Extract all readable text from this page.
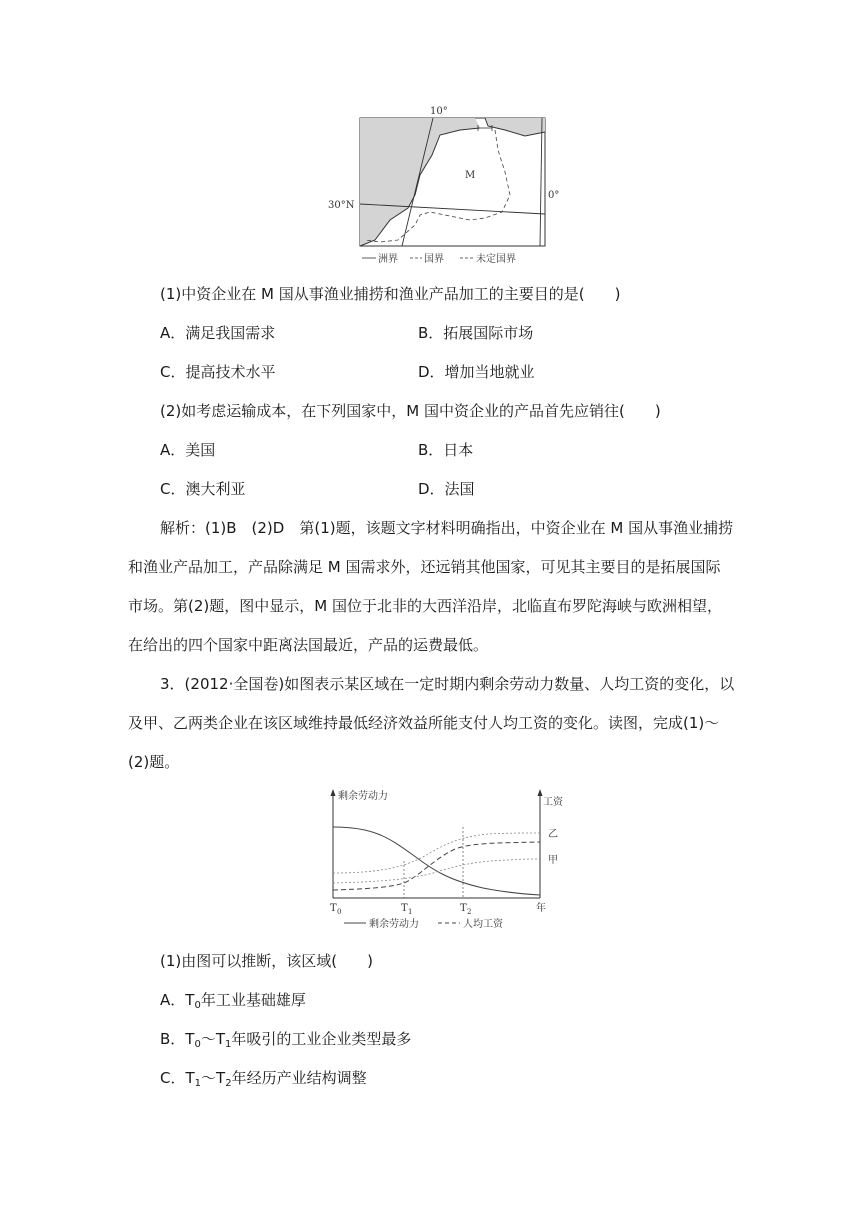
10°
30°N
0°
M
洲界	国界	未定国界
(1)中资企业在 M 国从事渔业捕捞和渔业产品加工的主要目的是(　　)
A．满足我国需求	B．拓展国际市场
C．提高技术水平	D．增加当地就业
(2)如考虑运输成本，在下列国家中，M 国中资企业的产品首先应销往(　　)
A．美国	B．日本
C．澳大利亚	D．法国
解析：(1)B　(2)D　第(1)题，该题文字材料明确指出，中资企业在 M 国从事渔业捕捞
和渔业产品加工，产品除满足 M 国需求外，还远销其他国家，可见其主要目的是拓展国际
市场。第(2)题，图中显示，M 国位于北非的大西洋沿岸，北临直布罗陀海峡与欧洲相望，
在给出的四个国家中距离法国最近，产品的运费最低。
3．(2012·全国卷)如图表示某区域在一定时期内剩余劳动力数量、人均工资的变化，以
及甲、乙两类企业在该区域维持最低经济效益所能支付人均工资的变化。读图，完成(1)～
(2)题。
剩余劳动力
工资
年
乙
甲
T 0	T 1	T 2
剩余劳动力	人均工资
(1)由图可以推断，该区域(　　)
A．$T_0$年工业基础雄厚
B．$T_0\sim T_1$年吸引的工业企业类型最多
C．$T_1\sim T_2$年经历产业结构调整
